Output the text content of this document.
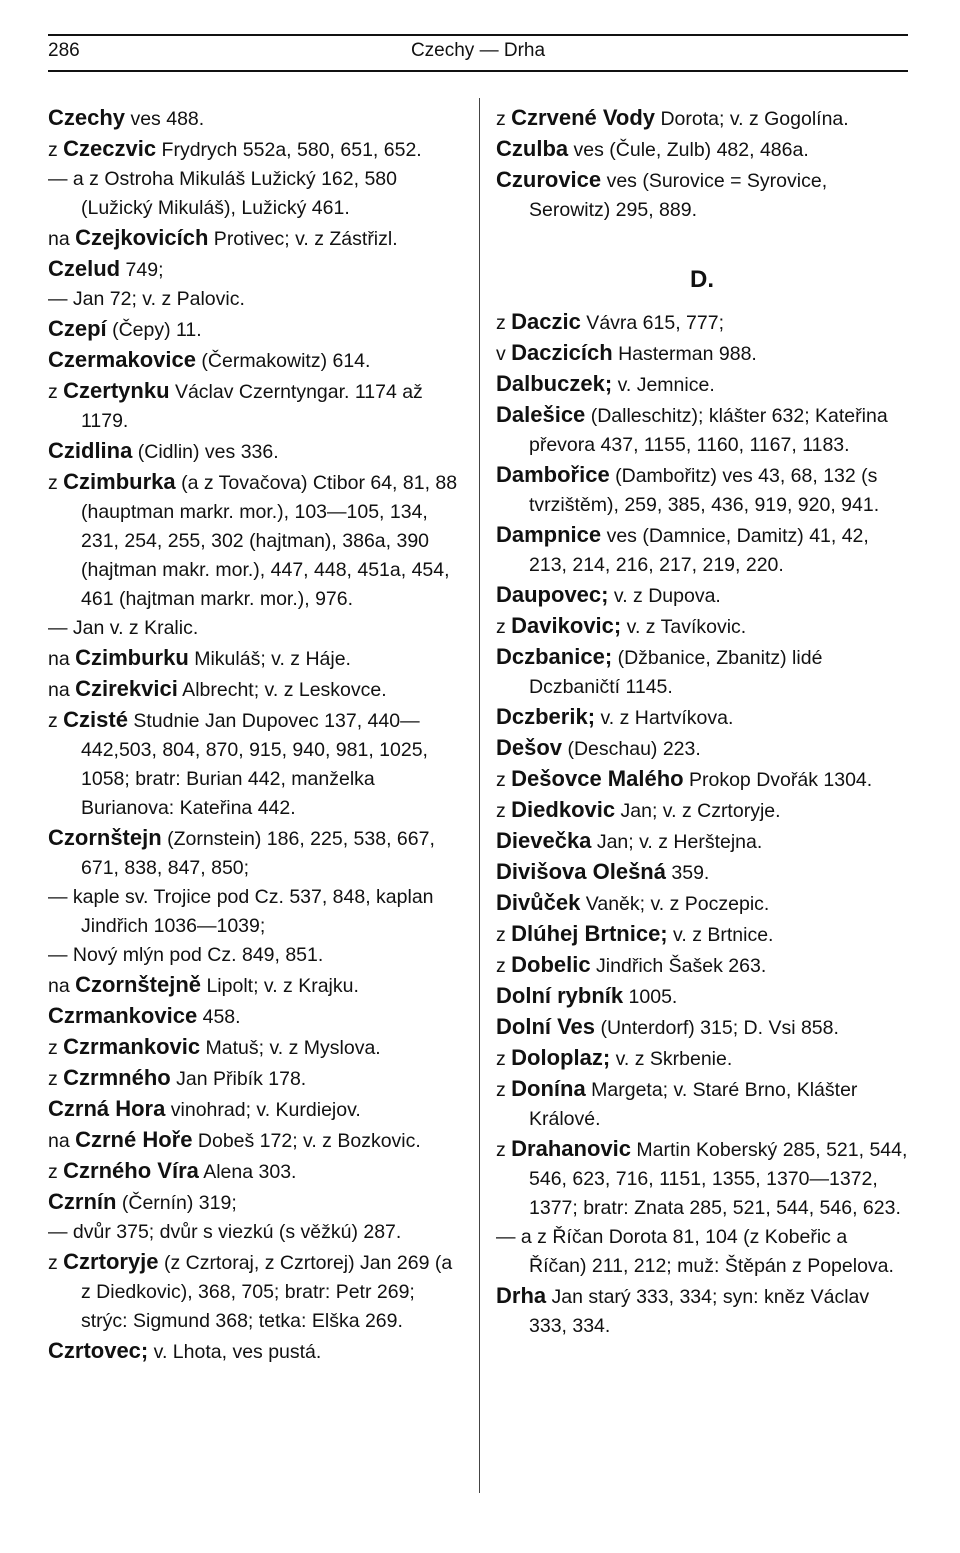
286	Czechy — Drha

Czechy ves 488.

z Czeczvic Frydrych 552a, 580, 651, 652.

— a z Ostroha Mikuláš Lužický 162, 580 (Lužický Mikuláš), Lužický 461.

na Czejkovicích Protivec; v. z Zástřizl.

Czelud 749;

— Jan 72; v. z Palovic.

Czepí (Čepy) 11.

Czermakovice (Čermakowitz) 614.

z Czertynku Václav Czerntyngar. 1174 až 1179.

Czidlina (Cidlin) ves 336.

z Czimburka (a z Tovačova) Ctibor 64, 81, 88 (hauptman markr. mor.), 103—105, 134, 231, 254, 255, 302 (hajtman), 386a, 390 (hajtman makr. mor.), 447, 448, 451a, 454, 461 (hajtman markr. mor.), 976.

— Jan v. z Kralic.

na Czimburku Mikuláš; v. z Háje.

na Czirekvici Albrecht; v. z Leskovce.

z Czisté Studnie Jan Dupovec 137, 440—442,503, 804, 870, 915, 940, 981, 1025, 1058; bratr: Burian 442, manželka Burianova: Kateřina 442.

Czornštejn (Zornstein) 186, 225, 538, 667, 671, 838, 847, 850;

— kaple sv. Trojice pod Cz. 537, 848, kaplan Jindřich 1036—1039;

— Nový mlýn pod Cz. 849, 851.

na Czornštejně Lipolt; v. z Krajku.

Czrmankovice 458.

z Czrmankovic Matuš; v. z Myslova.

z Czrmného Jan Přibík 178.

Czrná Hora vinohrad; v. Kurdiejov.

na Czrné Hoře Dobeš 172; v. z Bozkovic.

z Czrného Víra Alena 303.

Czrnín (Černín) 319;

— dvůr 375; dvůr s viezkú (s věžkú) 287.

z Czrtoryje (z Czrtoraj, z Czrtorej) Jan 269 (a z Diedkovic), 368, 705; bratr: Petr 269; strýc: Sigmund 368; tetka: Elška 269.

Czrtovec; v. Lhota, ves pustá.

z Czrvené Vody Dorota; v. z Gogolína.

Czulba ves (Čule, Zulb) 482, 486a.

Czurovice ves (Surovice = Syrovice, Serowitz) 295, 889.

D.

z Daczic Vávra 615, 777;

v Daczicích Hasterman 988.

Dalbuczek; v. Jemnice.

Dalešice (Dalleschitz); klášter 632; Kateřina převora 437, 1155, 1160, 1167, 1183.

Dambořice (Dambořitz) ves 43, 68, 132 (s tvrzištěm), 259, 385, 436, 919, 920, 941.

Dampnice ves (Damnice, Damitz) 41, 42, 213, 214, 216, 217, 219, 220.

Daupovec; v. z Dupova.

z Davikovic; v. z Tavíkovic.

Dczbanice; (Džbanice, Zbanitz) lidé Dczbaničtí 1145.

Dczberik; v. z Hartvíkova.

Dešov (Deschau) 223.

z Dešovce Malého Prokop Dvořák 1304.

z Diedkovic Jan; v. z Czrtoryje.

Dievečka Jan; v. z Herštejna.

Divišova Olešná 359.

Divůček Vaněk; v. z Poczepic.

z Dlúhej Brtnice; v. z Brtnice.

z Dobelic Jindřich Šašek 263.

Dolní rybník 1005.

Dolní Ves (Unterdorf) 315; D. Vsi 858.

z Doloplaz; v. z Skrbenie.

z Donína Margeta; v. Staré Brno, Klášter Králové.

z Drahanovic Martin Koberský 285, 521, 544, 546, 623, 716, 1151, 1355, 1370—1372, 1377; bratr: Znata 285, 521, 544, 546, 623.

— a z Říčan Dorota 81, 104 (z Kobeřic a Říčan) 211, 212; muž: Štěpán z Popelova.

Drha Jan starý 333, 334; syn: kněz Václav 333, 334.
